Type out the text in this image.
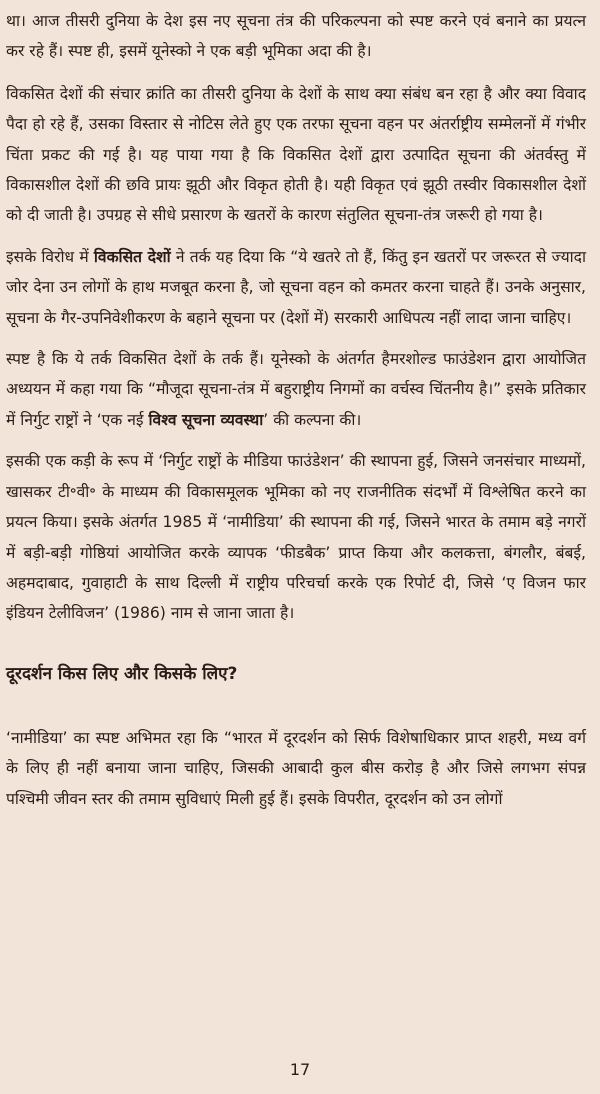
था। आज तीसरी दुनिया के देश इस नए सूचना तंत्र की परिकल्पना को स्पष्ट करने एवं बनाने का प्रयत्न कर रहे हैं। स्पष्ट ही, इसमें यूनेस्को ने एक बड़ी भूमिका अदा की है।

विकसित देशों की संचार क्रांति का तीसरी दुनिया के देशों के साथ क्या संबंध बन रहा है और क्या विवाद पैदा हो रहे हैं, उसका विस्तार से नोटिस लेते हुए एक तरफा सूचना वहन पर अंतर्राष्ट्रीय सम्मेलनों में गंभीर चिंता प्रकट की गई है। यह पाया गया है कि विकसित देशों द्वारा उत्पादित सूचना की अंतर्वस्तु में विकासशील देशों की छवि प्रायः झूठी और विकृत होती है। यही विकृत एवं झूठी तस्वीर विकासशील देशों को दी जाती है। उपग्रह से सीधे प्रसारण के खतरों के कारण संतुलित सूचना-तंत्र जरूरी हो गया है।

इसके विरोध में विकसित देशों ने तर्क यह दिया कि “ये खतरे तो हैं, किंतु इन खतरों पर जरूरत से ज्यादा जोर देना उन लोगों के हाथ मजबूत करना है, जो सूचना वहन को कमतर करना चाहते हैं। उनके अनुसार, सूचना के गैर-उपनिवेशीकरण के बहाने सूचना पर (देशों में) सरकारी आधिपत्य नहीं लादा जाना चाहिए।

स्पष्ट है कि ये तर्क विकसित देशों के तर्क हैं। यूनेस्को के अंतर्गत हैमरशोल्ड फाउंडेशन द्वारा आयोजित अध्ययन में कहा गया कि “मौजूदा सूचना-तंत्र में बहुराष्ट्रीय निगमों का वर्चस्व चिंतनीय है।” इसके प्रतिकार में निर्गुट राष्ट्रों ने ‘एक नई विश्व सूचना व्यवस्था’ की कल्पना की।

इसकी एक कड़ी के रूप में ‘निर्गुट राष्ट्रों के मीडिया फाउंडेशन’ की स्थापना हुई, जिसने जनसंचार माध्यमों, खासकर टी॰वी॰ के माध्यम की विकासमूलक भूमिका को नए राजनीतिक संदर्भों में विश्लेषित करने का प्रयत्न किया। इसके अंतर्गत 1985 में ‘नामीडिया’ की स्थापना की गई, जिसने भारत के तमाम बड़े नगरों में बड़ी-बड़ी गोष्ठियां आयोजित करके व्यापक ‘फीडबैक’ प्राप्त किया और कलकत्ता, बंगलौर, बंबई, अहमदाबाद, गुवाहाटी के साथ दिल्ली में राष्ट्रीय परिचर्चा करके एक रिपोर्ट दी, जिसे ‘ए विजन फार इंडियन टेलीविजन’ (1986) नाम से जाना जाता है।

दूरदर्शन किस लिए और किसके लिए?

‘नामीडिया’ का स्पष्ट अभिमत रहा कि “भारत में दूरदर्शन को सिर्फ विशेषाधिकार प्राप्त शहरी, मध्य वर्ग के लिए ही नहीं बनाया जाना चाहिए, जिसकी आबादी कुल बीस करोड़ है और जिसे लगभग संपन्न पश्चिमी जीवन स्तर की तमाम सुविधाएं मिली हुई हैं। इसके विपरीत, दूरदर्शन को उन लोगों

17
